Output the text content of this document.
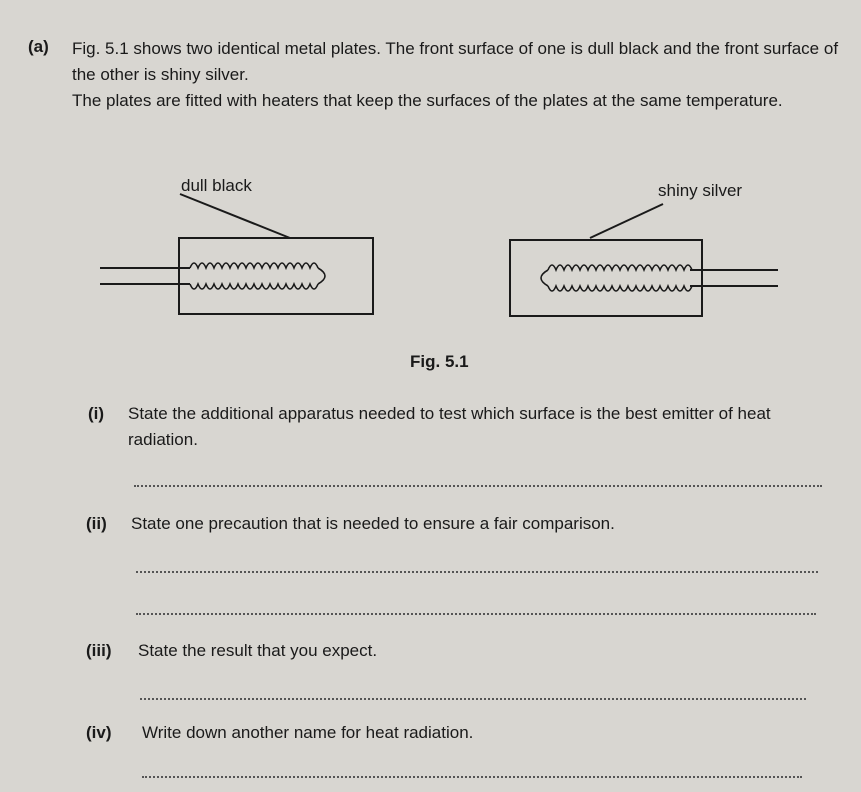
(a) Fig. 5.1 shows two identical metal plates. The front surface of one is dull black and the front surface of the other is shiny silver.
The plates are fitted with heaters that keep the surfaces of the plates at the same temperature.
dull black	shiny silver
Fig. 5.1
(i) State the additional apparatus needed to test which surface is the best emitter of heat radiation.
(ii) State one precaution that is needed to ensure a fair comparison.
(iii) State the result that you expect.
(iv) Write down another name for heat radiation.
